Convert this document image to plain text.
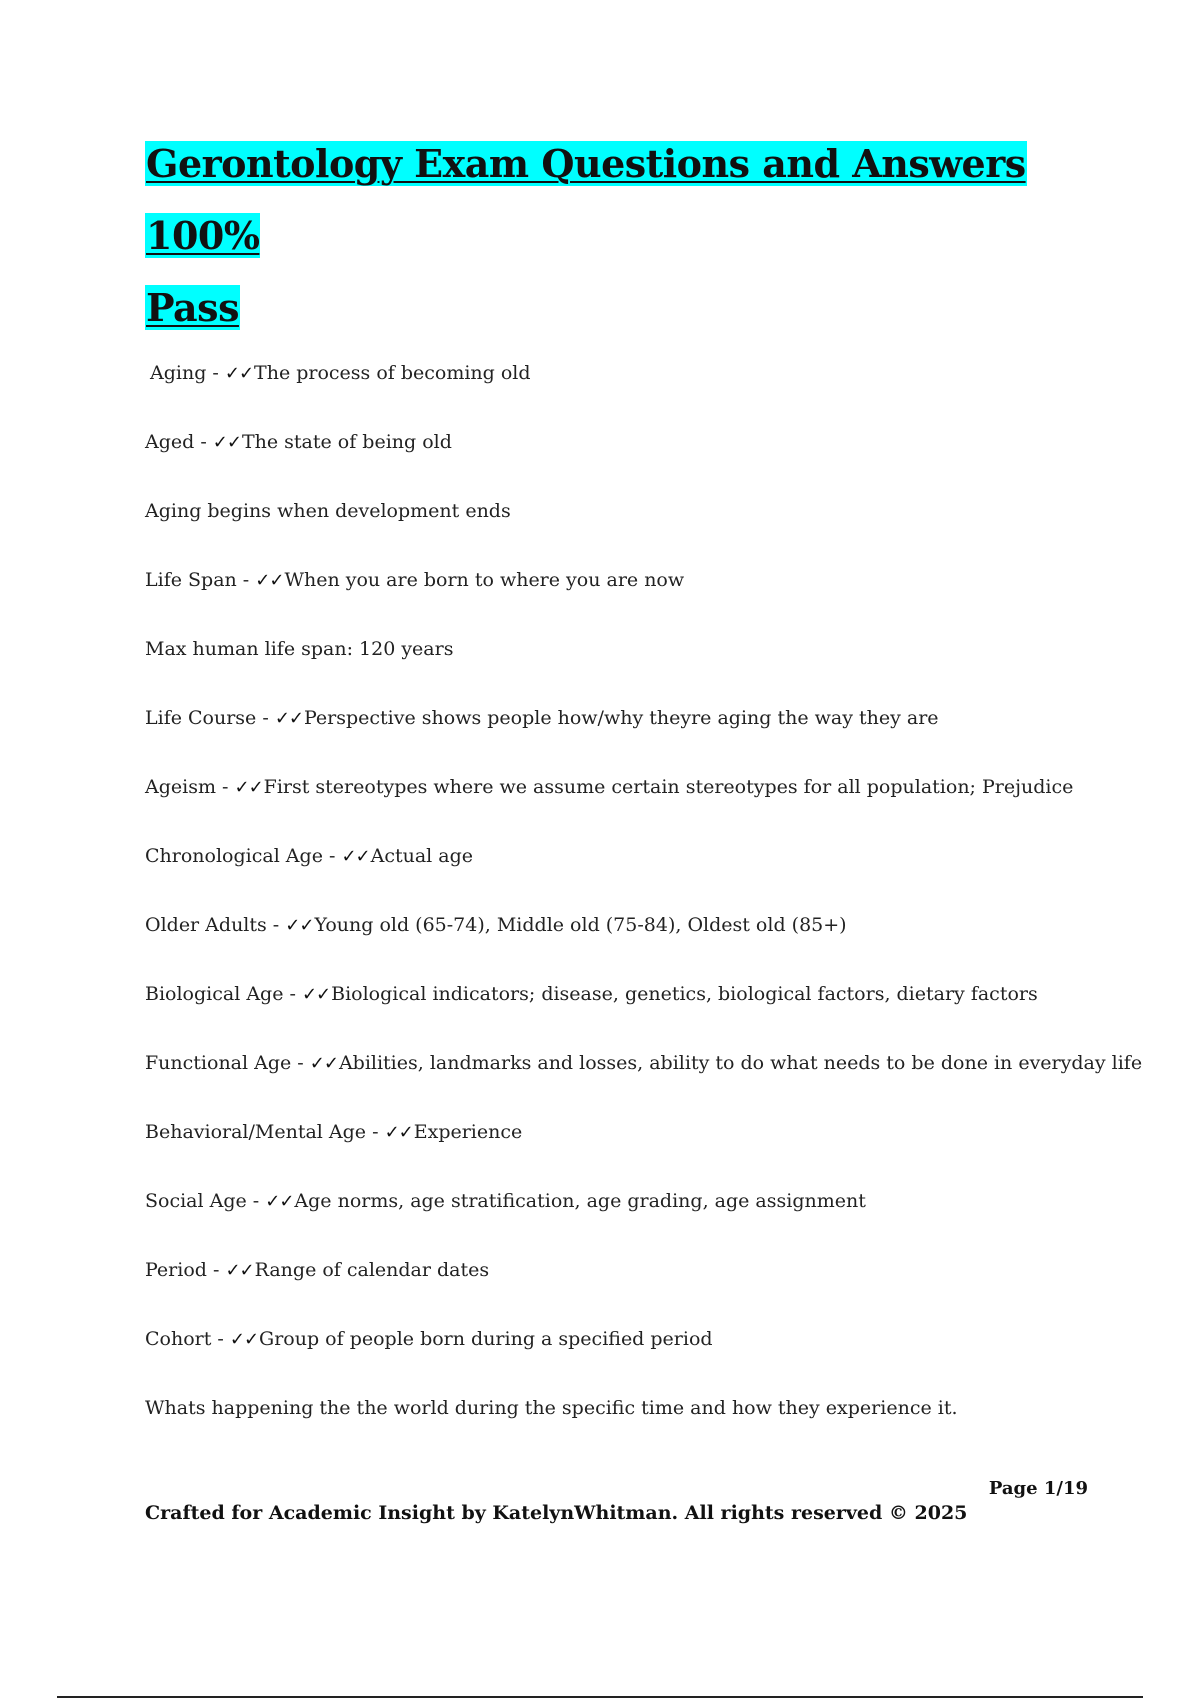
Gerontology Exam Questions and Answers 100%
Pass
Aging - ✓✓The process of becoming old
Aged - ✓✓The state of being old
Aging begins when development ends
Life Span - ✓✓When you are born to where you are now
Max human life span: 120 years
Life Course - ✓✓Perspective shows people how/why theyre aging the way they are
Ageism - ✓✓First stereotypes where we assume certain stereotypes for all population; Prejudice
Chronological Age - ✓✓Actual age
Older Adults - ✓✓Young old (65-74), Middle old (75-84), Oldest old (85+)
Biological Age - ✓✓Biological indicators; disease, genetics, biological factors, dietary factors
Functional Age - ✓✓Abilities, landmarks and losses, ability to do what needs to be done in everyday life
Behavioral/Mental Age - ✓✓Experience
Social Age - ✓✓Age norms, age stratification, age grading, age assignment
Period - ✓✓Range of calendar dates
Cohort - ✓✓Group of people born during a specified period
Whats happening the the world during the specific time and how they experience it.
Page 1/19
Crafted for Academic Insight by KatelynWhitman. All rights reserved © 2025
